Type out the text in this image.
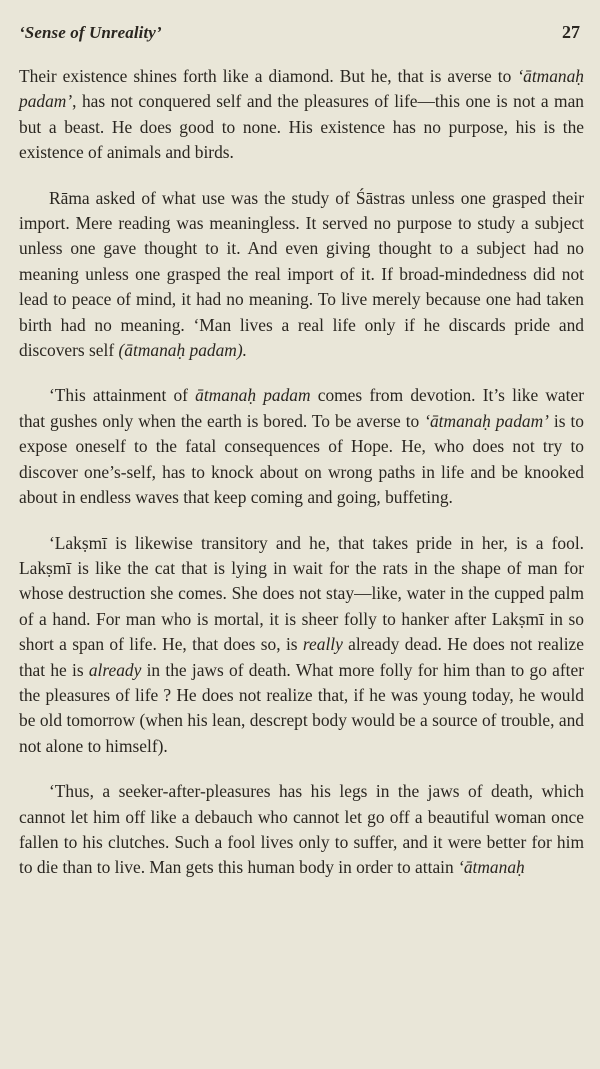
‘Sense of Unreality’	27

Their existence shines forth like a diamond. But he, that is averse to ‘ātmanaḥ padam’, has not conquered self and the pleasures of life—this one is not a man but a beast. He does good to none. His existence has no purpose, his is the existence of animals and birds.

Rāma asked of what use was the study of Śāstras unless one grasped their import. Mere reading was meaningless. It served no purpose to study a subject unless one gave thought to it. And even giving thought to a subject had no meaning unless one grasped the real import of it. If broad-mindedness did not lead to peace of mind, it had no meaning. To live merely because one had taken birth had no meaning. ‘Man lives a real life only if he discards pride and discovers self (ātmanaḥ padam).

‘This attainment of ātmanaḥ padam comes from devotion. It’s like water that gushes only when the earth is bored. To be averse to ‘ātmanaḥ padam’ is to expose oneself to the fatal consequences of Hope. He, who does not try to discover one’s-self, has to knock about on wrong paths in life and be knooked about in endless waves that keep coming and going, buffeting.

‘Lakṣmī is likewise transitory and he, that takes pride in her, is a fool. Lakṣmī is like the cat that is lying in wait for the rats in the shape of man for whose destruction she comes. She does not stay—like, water in the cupped palm of a hand. For man who is mortal, it is sheer folly to hanker after Lakṣmī in so short a span of life. He, that does so, is really already dead. He does not realize that he is already in the jaws of death. What more folly for him than to go after the pleasures of life ? He does not realize that, if he was young today, he would be old tomorrow (when his lean, descrept body would be a source of trouble, and not alone to himself).

‘Thus, a seeker-after-pleasures has his legs in the jaws of death, which cannot let him off like a debauch who cannot let go off a beautiful woman once fallen to his clutches. Such a fool lives only to suffer, and it were better for him to die than to live. Man gets this human body in order to attain ‘ātmanaḥ
